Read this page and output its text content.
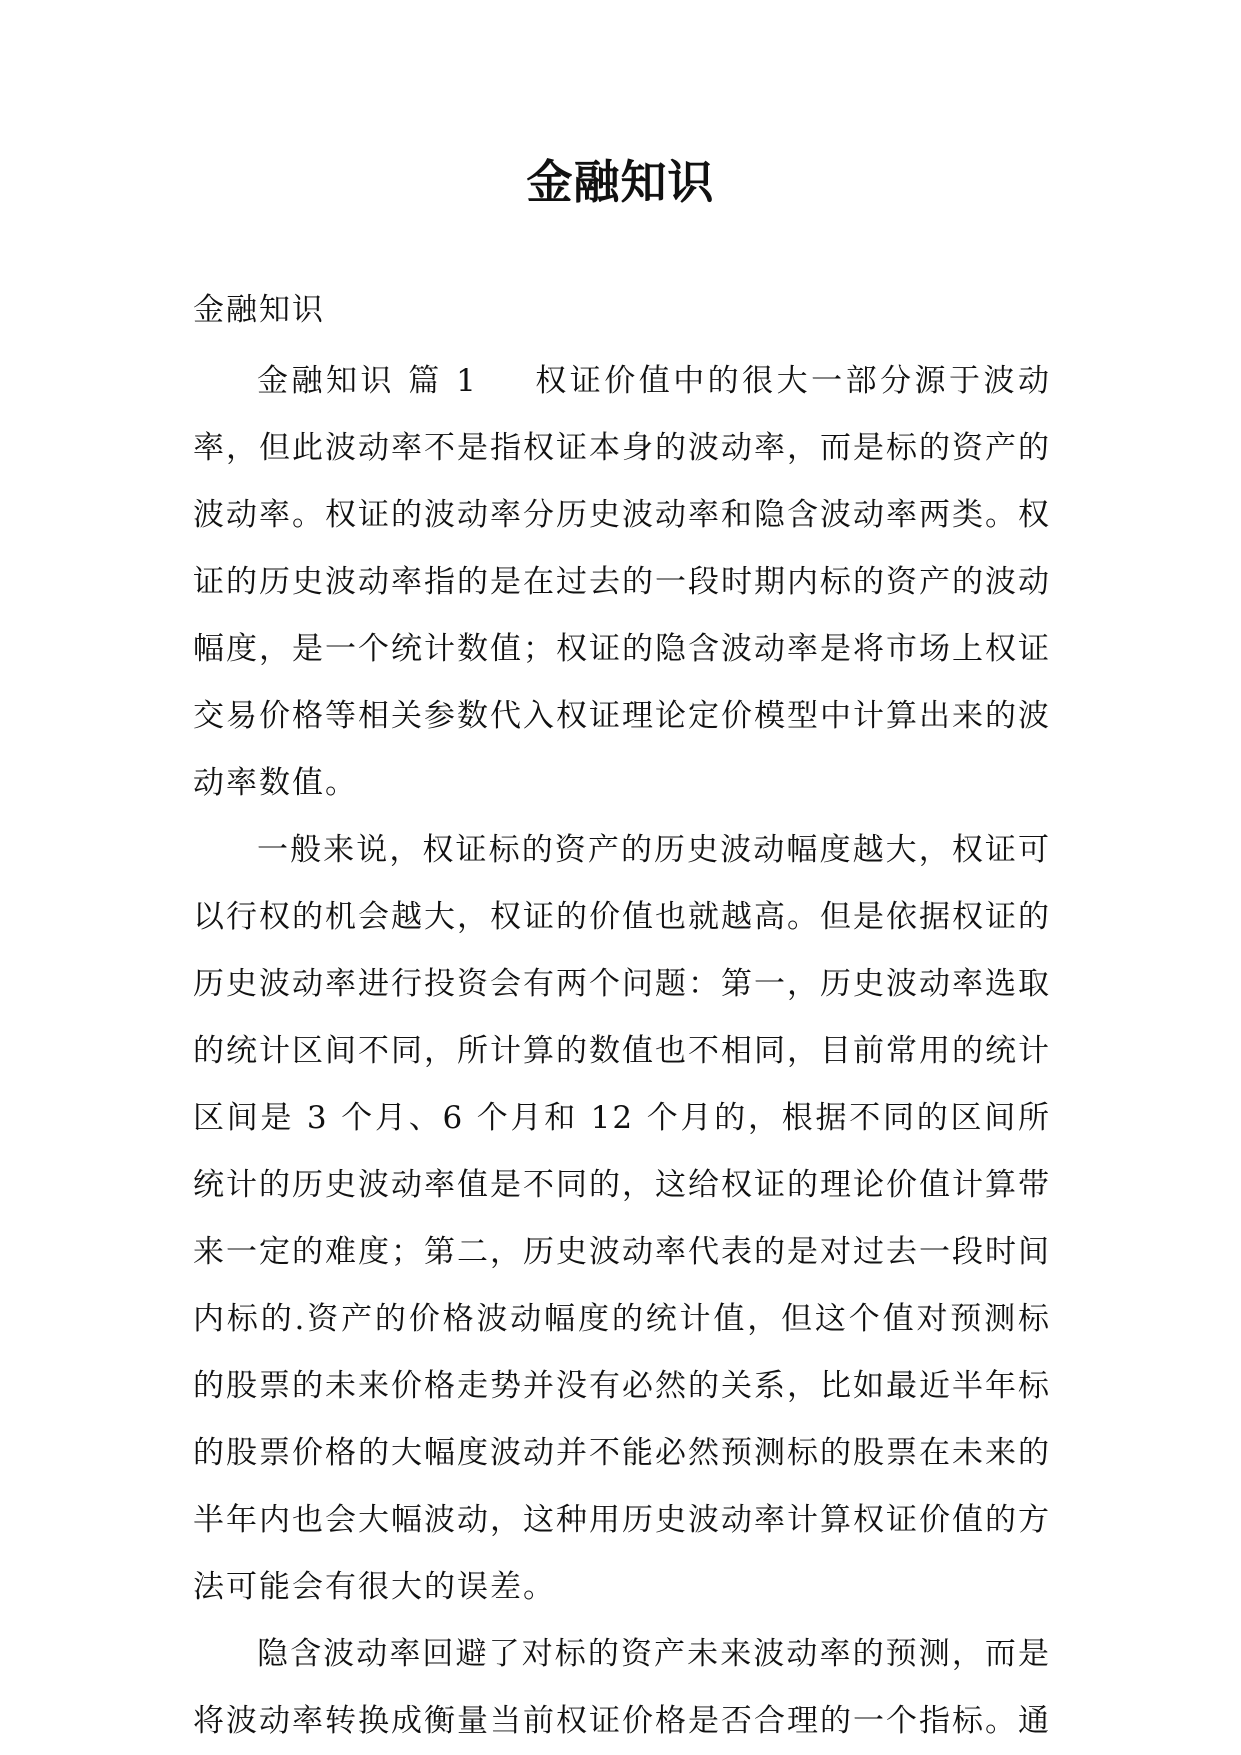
金融知识

金融知识

金融知识 篇 1 权证价值中的很大一部分源于波动率，但此波动率不是指权证本身的波动率，而是标的资产的波动率。权证的波动率分历史波动率和隐含波动率两类。权证的历史波动率指的是在过去的一段时期内标的资产的波动幅度，是一个统计数值；权证的隐含波动率是将市场上权证交易价格等相关参数代入权证理论定价模型中计算出来的波动率数值。

一般来说，权证标的资产的历史波动幅度越大，权证可以行权的机会越大，权证的价值也就越高。但是依据权证的历史波动率进行投资会有两个问题：第一，历史波动率选取的统计区间不同，所计算的数值也不相同，目前常用的统计区间是 3 个月、6 个月和 12 个月的，根据不同的区间所统计的历史波动率值是不同的，这给权证的理论价值计算带来一定的难度；第二，历史波动率代表的是对过去一段时间内标的.资产的价格波动幅度的统计值，但这个值对预测标的股票的未来价格走势并没有必然的关系，比如最近半年标的股票价格的大幅度波动并不能必然预测标的股票在未来的半年内也会大幅波动，这种用历史波动率计算权证价值的方法可能会有很大的误差。

隐含波动率回避了对标的资产未来波动率的预测，而是将波动率转换成衡量当前权证价格是否合理的一个指标。通
